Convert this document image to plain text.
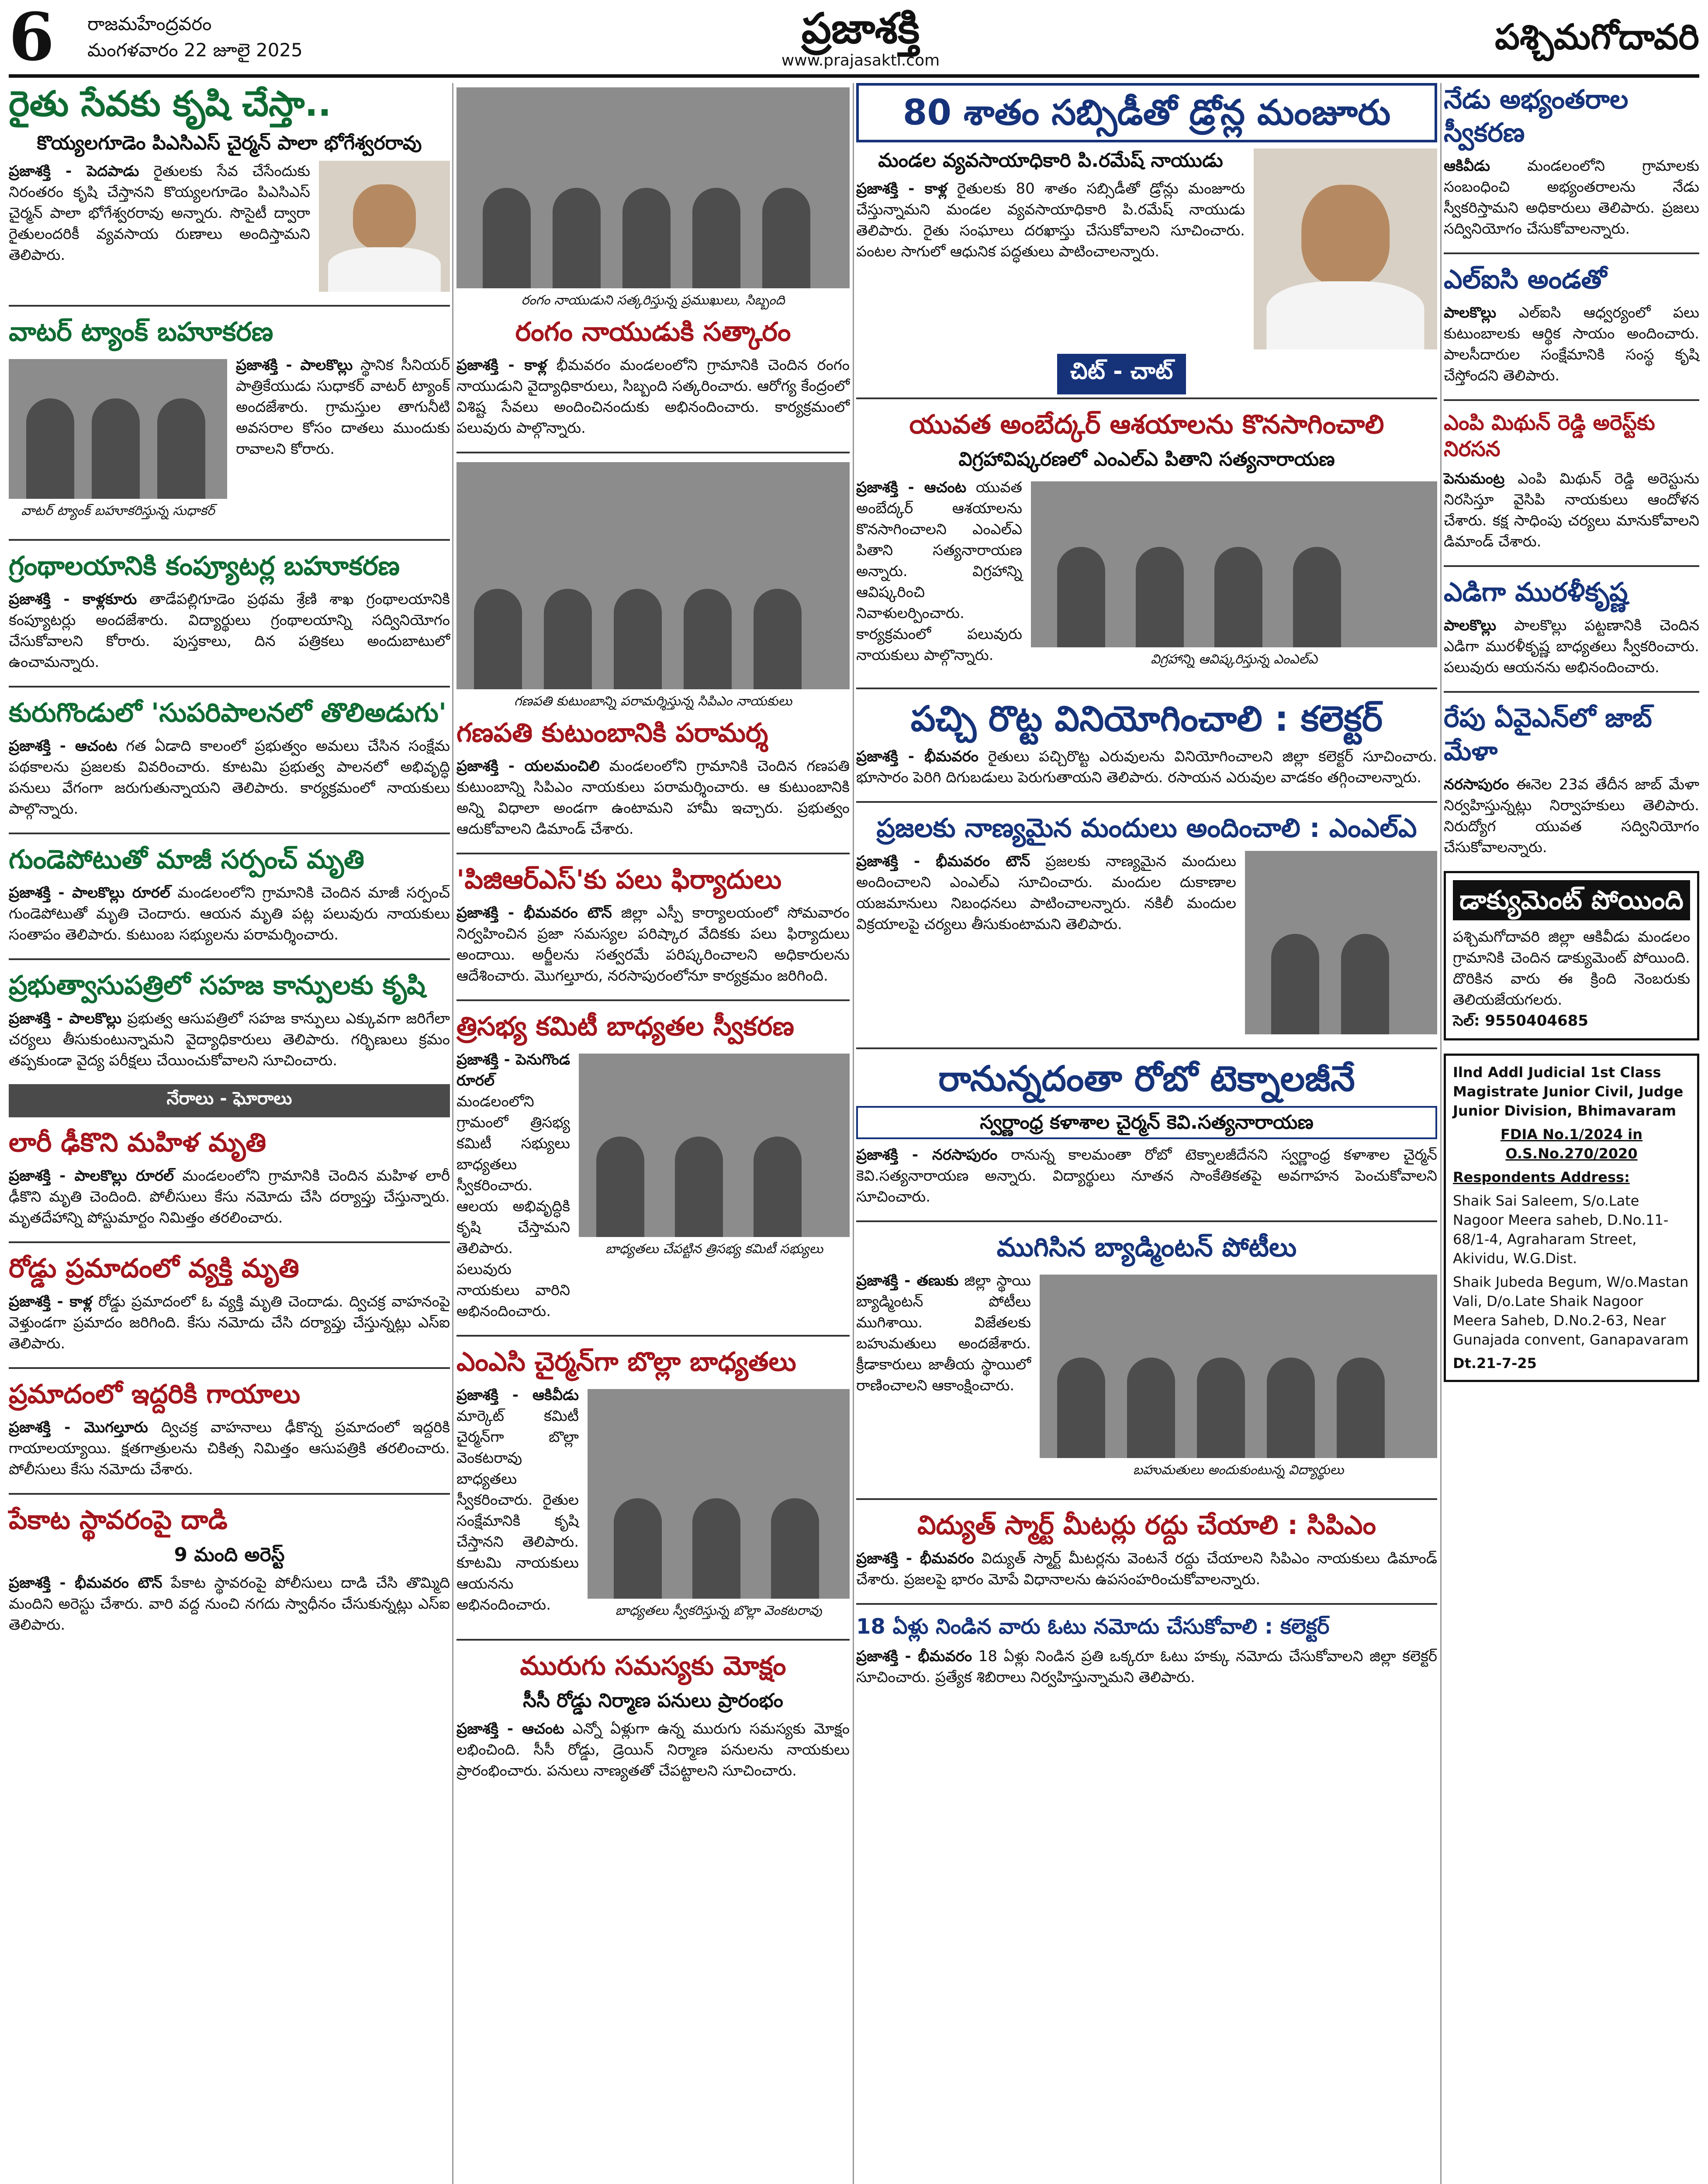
6 రాజమహేంద్రవరం
మంగళవారం 22 జూలై 2025	ప్రజాశక్తి
www.prajasakti.com
పశ్చిమగోదావరి
రైతు సేవకు కృషి చేస్తా..
కొయ్యలగూడెం పిఎసిఎస్ చైర్మన్ పాలా భోగేశ్వరరావు

ప్రజాశక్తి - పెదపాడు రైతులకు సేవ చేసేందుకు నిరంతరం కృషి చేస్తానని కొయ్యలగూడెం పిఎసిఎస్ చైర్మన్ పాలా భోగేశ్వరరావు అన్నారు. సొసైటీ ద్వారా రైతులందరికీ వ్యవసాయ రుణాలు అందిస్తామని తెలిపారు.

వాటర్ ట్యాంక్ బహూకరణ
వాటర్ ట్యాంక్ బహూకరిస్తున్న సుధాకర్

ప్రజాశక్తి - పాలకొల్లు స్థానిక సీనియర్ పాత్రికేయుడు సుధాకర్ వాటర్ ట్యాంక్ అందజేశారు. గ్రామస్తుల తాగునీటి అవసరాల కోసం దాతలు ముందుకు రావాలని కోరారు.

గ్రంథాలయానికి కంప్యూటర్ల బహూకరణ

ప్రజాశక్తి - కాళ్లకూరు తాడేపల్లిగూడెం ప్రథమ శ్రేణి శాఖ గ్రంథాలయానికి కంప్యూటర్లు అందజేశారు. విద్యార్థులు గ్రంథాలయాన్ని సద్వినియోగం చేసుకోవాలని కోరారు. పుస్తకాలు, దిన పత్రికలు అందుబాటులో ఉంచామన్నారు.

కురుగొండులో 'సుపరిపాలనలో తొలిఅడుగు'

ప్రజాశక్తి - ఆచంట గత ఏడాది కాలంలో ప్రభుత్వం అమలు చేసిన సంక్షేమ పథకాలను ప్రజలకు వివరించారు. కూటమి ప్రభుత్వ పాలనలో అభివృద్ధి పనులు వేగంగా జరుగుతున్నాయని తెలిపారు. కార్యక్రమంలో నాయకులు పాల్గొన్నారు.

గుండెపోటుతో మాజీ సర్పంచ్ మృతి

ప్రజాశక్తి - పాలకొల్లు రూరల్ మండలంలోని గ్రామానికి చెందిన మాజీ సర్పంచ్ గుండెపోటుతో మృతి చెందారు. ఆయన మృతి పట్ల పలువురు నాయకులు సంతాపం తెలిపారు. కుటుంబ సభ్యులను పరామర్శించారు.

ప్రభుత్వాసుపత్రిలో సహజ కాన్పులకు కృషి

ప్రజాశక్తి - పాలకొల్లు ప్రభుత్వ ఆసుపత్రిలో సహజ కాన్పులు ఎక్కువగా జరిగేలా చర్యలు తీసుకుంటున్నామని వైద్యాధికారులు తెలిపారు. గర్భిణులు క్రమం తప్పకుండా వైద్య పరీక్షలు చేయించుకోవాలని సూచించారు.

నేరాలు - ఘోరాలు
లారీ ఢీకొని మహిళ మృతి

ప్రజాశక్తి - పాలకొల్లు రూరల్ మండలంలోని గ్రామానికి చెందిన మహిళ లారీ ఢీకొని మృతి చెందింది. పోలీసులు కేసు నమోదు చేసి దర్యాప్తు చేస్తున్నారు. మృతదేహాన్ని పోస్టుమార్టం నిమిత్తం తరలించారు.

రోడ్డు ప్రమాదంలో వ్యక్తి మృతి

ప్రజాశక్తి - కాళ్ల రోడ్డు ప్రమాదంలో ఓ వ్యక్తి మృతి చెందాడు. ద్విచక్ర వాహనంపై వెళ్తుండగా ప్రమాదం జరిగింది. కేసు నమోదు చేసి దర్యాప్తు చేస్తున్నట్లు ఎస్ఐ తెలిపారు.

ప్రమాదంలో ఇద్దరికి గాయాలు

ప్రజాశక్తి - మొగల్తూరు ద్విచక్ర వాహనాలు ఢీకొన్న ప్రమాదంలో ఇద్దరికి గాయాలయ్యాయి. క్షతగాత్రులను చికిత్స నిమిత్తం ఆసుపత్రికి తరలించారు. పోలీసులు కేసు నమోదు చేశారు.

పేకాట స్థావరంపై దాడి
9 మంది అరెస్ట్

ప్రజాశక్తి - భీమవరం టౌన్ పేకాట స్థావరంపై పోలీసులు దాడి చేసి తొమ్మిది మందిని అరెస్టు చేశారు. వారి వద్ద నుంచి నగదు స్వాధీనం చేసుకున్నట్లు ఎస్ఐ తెలిపారు.

రంగం నాయుడుని సత్కరిస్తున్న ప్రముఖులు, సిబ్బంది
రంగం నాయుడుకి సత్కారం

ప్రజాశక్తి - కాళ్ల భీమవరం మండలంలోని గ్రామానికి చెందిన రంగం నాయుడుని వైద్యాధికారులు, సిబ్బంది సత్కరించారు. ఆరోగ్య కేంద్రంలో విశిష్ట సేవలు అందించినందుకు అభినందించారు. కార్యక్రమంలో పలువురు పాల్గొన్నారు.

గణపతి కుటుంబాన్ని పరామర్శిస్తున్న సిపిఎం నాయకులు
గణపతి కుటుంబానికి పరామర్శ

ప్రజాశక్తి - యలమంచిలి మండలంలోని గ్రామానికి చెందిన గణపతి కుటుంబాన్ని సిపిఎం నాయకులు పరామర్శించారు. ఆ కుటుంబానికి అన్ని విధాలా అండగా ఉంటామని హామీ ఇచ్చారు. ప్రభుత్వం ఆదుకోవాలని డిమాండ్ చేశారు.

'పిజిఆర్ఎస్'కు పలు ఫిర్యాదులు

ప్రజాశక్తి - భీమవరం టౌన్ జిల్లా ఎస్పీ కార్యాలయంలో సోమవారం నిర్వహించిన ప్రజా సమస్యల పరిష్కార వేదికకు పలు ఫిర్యాదులు అందాయి. అర్జీలను సత్వరమే పరిష్కరించాలని అధికారులను ఆదేశించారు. మొగల్తూరు, నరసాపురంలోనూ కార్యక్రమం జరిగింది.

త్రిసభ్య కమిటీ బాధ్యతల స్వీకరణ

ప్రజాశక్తి - పెనుగొండ రూరల్ మండలంలోని గ్రామంలో త్రిసభ్య కమిటీ సభ్యులు బాధ్యతలు స్వీకరించారు. ఆలయ అభివృద్ధికి కృషి చేస్తామని తెలిపారు. పలువురు నాయకులు వారిని అభినందించారు.

బాధ్యతలు చేపట్టిన త్రిసభ్య కమిటీ సభ్యులు
ఎంఎసి చైర్మన్‌గా బొల్లా బాధ్యతలు

ప్రజాశక్తి - ఆకివీడు మార్కెట్ కమిటీ చైర్మన్‌గా బొల్లా వెంకటరావు బాధ్యతలు స్వీకరించారు. రైతుల సంక్షేమానికి కృషి చేస్తానని తెలిపారు. కూటమి నాయకులు ఆయనను అభినందించారు.	బాధ్యతలు స్వీకరిస్తున్న బొల్లా వెంకటరావు
మురుగు సమస్యకు మోక్షం
సీసీ రోడ్డు నిర్మాణ పనులు ప్రారంభం

ప్రజాశక్తి - ఆచంట ఎన్నో ఏళ్లుగా ఉన్న మురుగు సమస్యకు మోక్షం లభించింది. సీసీ రోడ్డు, డ్రెయిన్ నిర్మాణ పనులను నాయకులు ప్రారంభించారు. పనులు నాణ్యతతో చేపట్టాలని సూచించారు.

80 శాతం సబ్సిడీతో డ్రోన్ల మంజూరు
మండల వ్యవసాయాధికారి పి.రమేష్ నాయుడు

ప్రజాశక్తి - కాళ్ల రైతులకు 80 శాతం సబ్సిడీతో డ్రోన్లు మంజూరు చేస్తున్నామని మండల వ్యవసాయాధికారి పి.రమేష్ నాయుడు తెలిపారు. రైతు సంఘాలు దరఖాస్తు చేసుకోవాలని సూచించారు. పంటల సాగులో ఆధునిక పద్ధతులు పాటించాలన్నారు.

చిట్ - చాట్
యువత అంబేద్కర్ ఆశయాలను కొనసాగించాలి
విగ్రహావిష్కరణలో ఎంఎల్ఎ పితాని సత్యనారాయణ

ప్రజాశక్తి - ఆచంట యువత అంబేద్కర్ ఆశయాలను కొనసాగించాలని ఎంఎల్ఎ పితాని సత్యనారాయణ అన్నారు. విగ్రహాన్ని ఆవిష్కరించి నివాళులర్పించారు. కార్యక్రమంలో పలువురు నాయకులు పాల్గొన్నారు.	విగ్రహాన్ని ఆవిష్కరిస్తున్న ఎంఎల్ఎ
పచ్చి రొట్ట వినియోగించాలి : కలెక్టర్

ప్రజాశక్తి - భీమవరం రైతులు పచ్చిరొట్ట ఎరువులను వినియోగించాలని జిల్లా కలెక్టర్ సూచించారు. భూసారం పెరిగి దిగుబడులు పెరుగుతాయని తెలిపారు. రసాయన ఎరువుల వాడకం తగ్గించాలన్నారు.

ప్రజలకు నాణ్యమైన మందులు అందించాలి : ఎంఎల్ఎ

ప్రజాశక్తి - భీమవరం టౌన్ ప్రజలకు నాణ్యమైన మందులు అందించాలని ఎంఎల్ఎ సూచించారు. మందుల దుకాణాల యజమానులు నిబంధనలు పాటించాలన్నారు. నకిలీ మందుల విక్రయాలపై చర్యలు తీసుకుంటామని తెలిపారు.

రానున్నదంతా రోబో టెక్నాలజీనే
స్వర్ణాంధ్ర కళాశాల చైర్మన్ కెవి.సత్యనారాయణ

ప్రజాశక్తి - నరసాపురం రానున్న కాలమంతా రోబో టెక్నాలజీదేనని స్వర్ణాంధ్ర కళాశాల చైర్మన్ కెవి.సత్యనారాయణ అన్నారు. విద్యార్థులు నూతన సాంకేతికతపై అవగాహన పెంచుకోవాలని సూచించారు.

ముగిసిన బ్యాడ్మింటన్ పోటీలు

ప్రజాశక్తి - తణుకు జిల్లా స్థాయి బ్యాడ్మింటన్ పోటీలు ముగిశాయి. విజేతలకు బహుమతులు అందజేశారు. క్రీడాకారులు జాతీయ స్థాయిలో రాణించాలని ఆకాంక్షించారు.

బహుమతులు అందుకుంటున్న విద్యార్థులు
విద్యుత్ స్మార్ట్ మీటర్లు రద్దు చేయాలి : సిపిఎం

ప్రజాశక్తి - భీమవరం విద్యుత్ స్మార్ట్ మీటర్లను వెంటనే రద్దు చేయాలని సిపిఎం నాయకులు డిమాండ్ చేశారు. ప్రజలపై భారం మోపే విధానాలను ఉపసంహరించుకోవాలన్నారు.

18 ఏళ్లు నిండిన వారు ఓటు నమోదు చేసుకోవాలి : కలెక్టర్

ప్రజాశక్తి - భీమవరం 18 ఏళ్లు నిండిన ప్రతి ఒక్కరూ ఓటు హక్కు నమోదు చేసుకోవాలని జిల్లా కలెక్టర్ సూచించారు. ప్రత్యేక శిబిరాలు నిర్వహిస్తున్నామని తెలిపారు.

నేడు అభ్యంతరాల స్వీకరణ

ఆకివీడు	మండలంలోని గ్రామాలకు సంబంధించి అభ్యంతరాలను నేడు స్వీకరిస్తామని అధికారులు తెలిపారు. ప్రజలు సద్వినియోగం చేసుకోవాలన్నారు.

ఎల్ఐసి అండతో

పాలకొల్లు ఎల్ఐసి ఆధ్వర్యంలో పలు కుటుంబాలకు ఆర్థిక సాయం అందించారు. పాలసీదారుల సంక్షేమానికి సంస్థ కృషి చేస్తోందని తెలిపారు.

ఎంపి మిథున్ రెడ్డి అరెస్ట్‌కు నిరసన

పెనుమంట్ర ఎంపి మిథున్ రెడ్డి అరెస్టును నిరసిస్తూ వైసిపి నాయకులు ఆందోళన చేశారు. కక్ష సాధింపు చర్యలు మానుకోవాలని డిమాండ్ చేశారు.

ఎడిగా మురళీకృష్ణ

పాలకొల్లు పాలకొల్లు పట్టణానికి చెందిన ఎడిగా మురళీకృష్ణ బాధ్యతలు స్వీకరించారు. పలువురు ఆయనను అభినందించారు.

రేపు ఏవైఎన్‌లో జాబ్ మేళా

నరసాపురం ఈనెల 23వ తేదీన జాబ్ మేళా నిర్వహిస్తున్నట్లు నిర్వాహకులు తెలిపారు. నిరుద్యోగ యువత సద్వినియోగం చేసుకోవాలన్నారు.

డాక్యుమెంట్ పోయింది

పశ్చిమగోదావరి జిల్లా ఆకివీడు మండలం గ్రామానికి చెందిన డాక్యుమెంట్ పోయింది. దొరికిన వారు ఈ క్రింది నెంబరుకు తెలియజేయగలరు.

సెల్: 9550404685

Ilnd Addl Judicial 1st Class Magistrate Junior Civil, Judge Junior Division, Bhimavaram

FDIA No.1/2024 in O.S.No.270/2020

Respondents Address:

Shaik Sai Saleem, S/o.Late Nagoor Meera saheb, D.No.11-68/1-4, Agraharam Street, Akividu, W.G.Dist.

Shaik Jubeda Begum, W/o.Mastan Vali, D/o.Late Shaik Nagoor Meera Saheb, D.No.2-63, Near Gunajada convent, Ganapavaram

Dt.21-7-25
